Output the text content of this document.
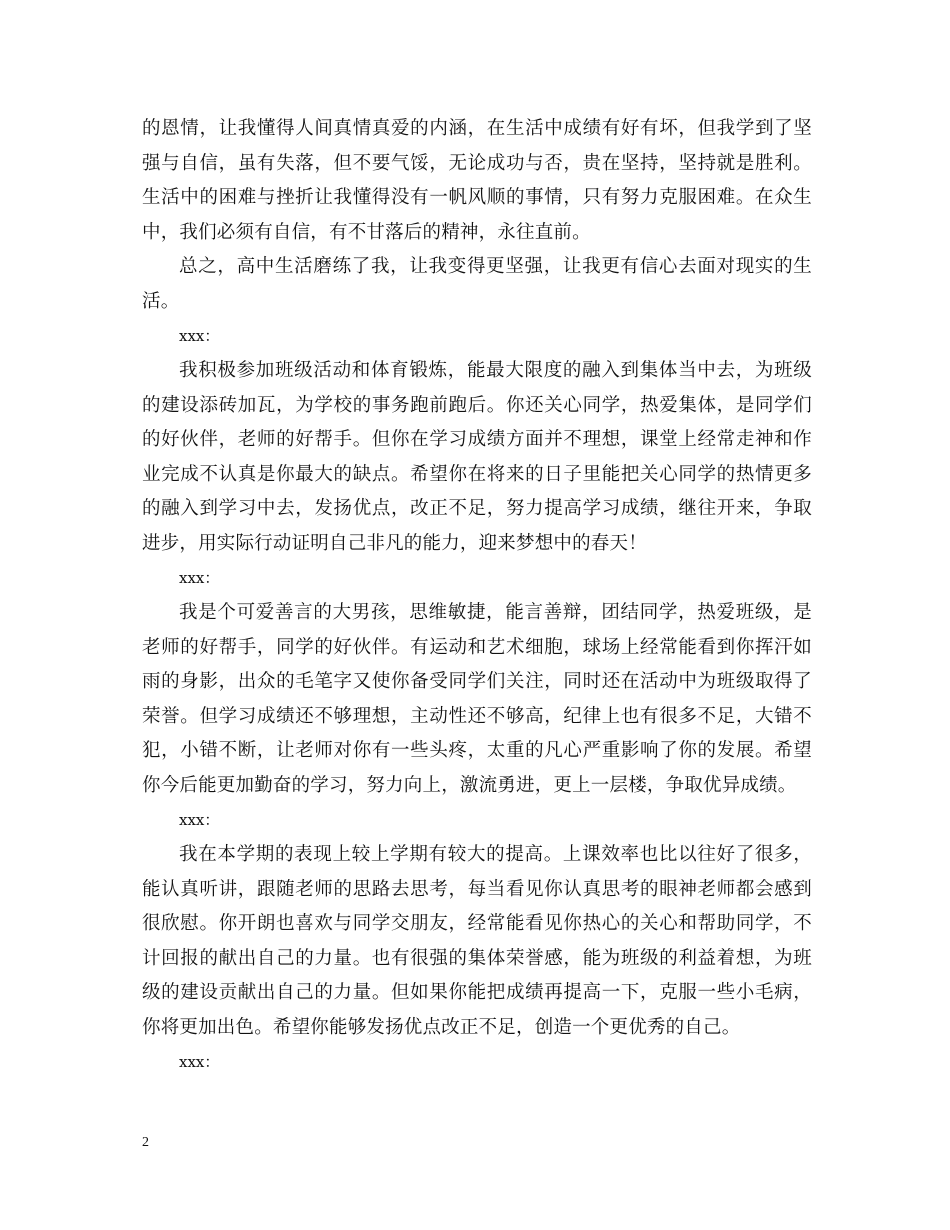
的恩情，让我懂得人间真情真爱的内涵，在生活中成绩有好有坏，但我学到了坚强与自信，虽有失落，但不要气馁，无论成功与否，贵在坚持，坚持就是胜利。生活中的困难与挫折让我懂得没有一帆风顺的事情，只有努力克服困难。在众生中，我们必须有自信，有不甘落后的精神，永往直前。

总之，高中生活磨练了我，让我变得更坚强，让我更有信心去面对现实的生活。

xxx：

我积极参加班级活动和体育锻炼，能最大限度的融入到集体当中去，为班级的建设添砖加瓦，为学校的事务跑前跑后。你还关心同学，热爱集体，是同学们的好伙伴，老师的好帮手。但你在学习成绩方面并不理想，课堂上经常走神和作业完成不认真是你最大的缺点。希望你在将来的日子里能把关心同学的热情更多的融入到学习中去，发扬优点，改正不足，努力提高学习成绩，继往开来，争取进步，用实际行动证明自己非凡的能力，迎来梦想中的春天！

xxx：

我是个可爱善言的大男孩，思维敏捷，能言善辩，团结同学，热爱班级，是老师的好帮手，同学的好伙伴。有运动和艺术细胞，球场上经常能看到你挥汗如雨的身影，出众的毛笔字又使你备受同学们关注，同时还在活动中为班级取得了荣誉。但学习成绩还不够理想，主动性还不够高，纪律上也有很多不足，大错不犯，小错不断，让老师对你有一些头疼，太重的凡心严重影响了你的发展。希望你今后能更加勤奋的学习，努力向上，激流勇进，更上一层楼，争取优异成绩。

xxx：

我在本学期的表现上较上学期有较大的提高。上课效率也比以往好了很多，能认真听讲，跟随老师的思路去思考，每当看见你认真思考的眼神老师都会感到很欣慰。你开朗也喜欢与同学交朋友，经常能看见你热心的关心和帮助同学，不计回报的献出自己的力量。也有很强的集体荣誉感，能为班级的利益着想，为班级的建设贡献出自己的力量。但如果你能把成绩再提高一下，克服一些小毛病，你将更加出色。希望你能够发扬优点改正不足，创造一个更优秀的自己。

xxx：

2
